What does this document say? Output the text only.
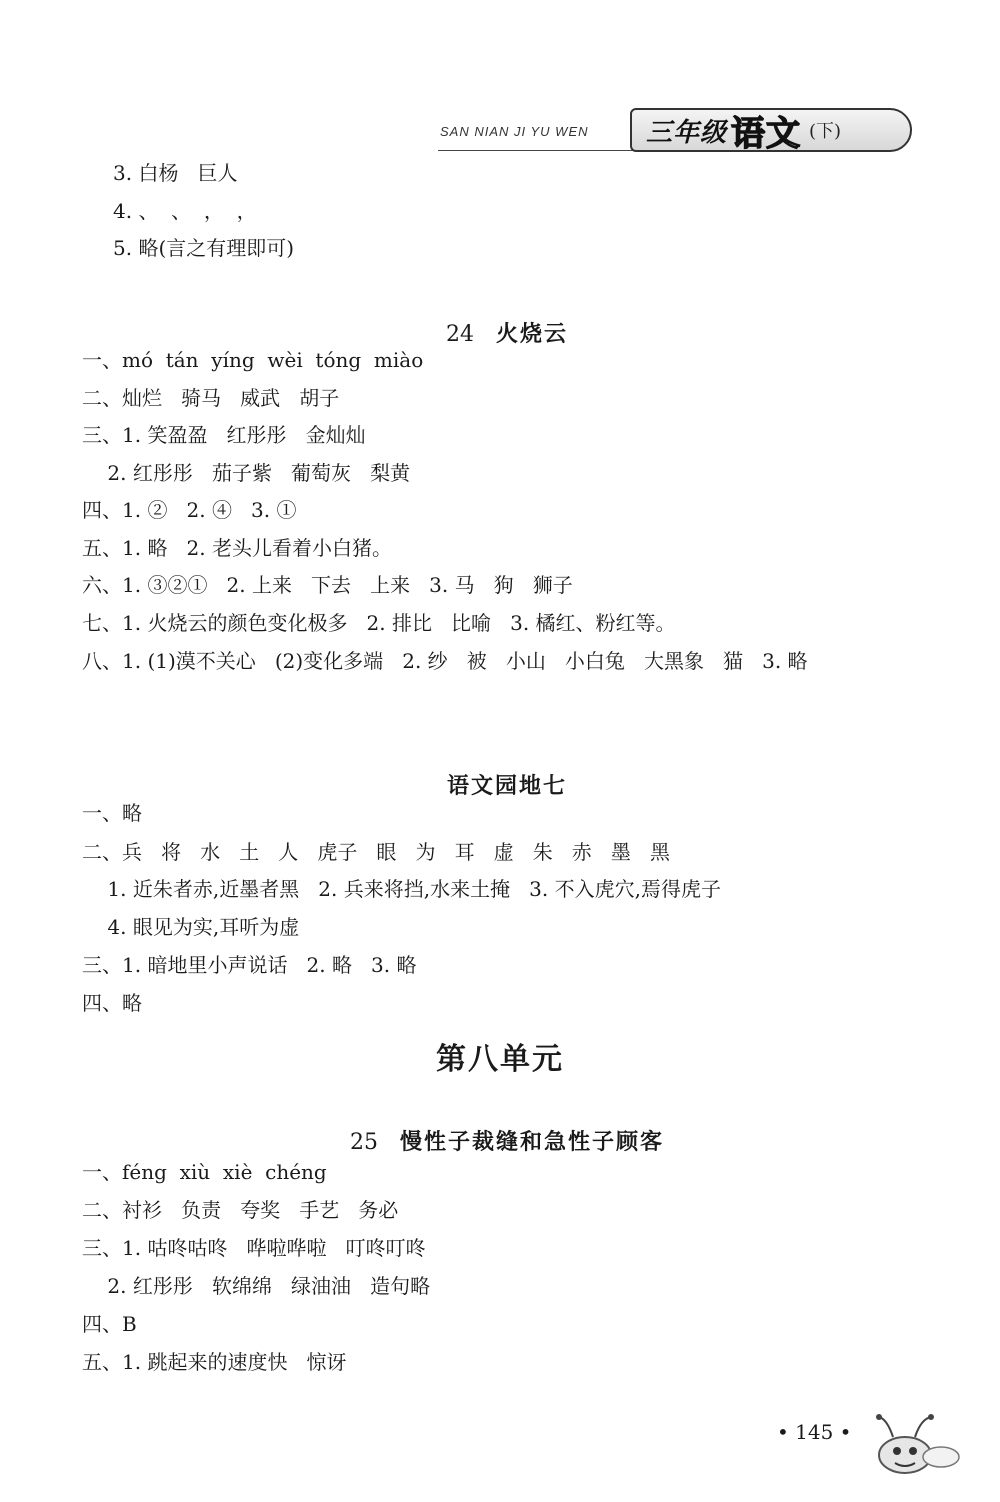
SAN NIAN JI YU WEN 三年级 语文 (下)
3. 白杨   巨人
4. 、  、  ，  ，
5. 略(言之有理即可)

24 火烧云

一、mó  tán  yíng  wèi  tóng  miào
二、灿烂   骑马   威武   胡子
三、1. 笑盈盈   红彤彤   金灿灿
2. 红彤彤   茄子紫   葡萄灰   梨黄
四、1. ②   2. ④   3. ①
五、1. 略   2. 老头儿看着小白猪。
六、1. ③②①   2. 上来   下去   上来   3. 马   狗   狮子
七、1. 火烧云的颜色变化极多   2. 排比   比喻   3. 橘红、粉红等。
八、1. (1)漠不关心   (2)变化多端   2. 纱   被   小山   小白兔   大黑象   猫   3. 略

语文园地七

一、略
二、兵   将   水   土   人   虎子   眼   为   耳   虚   朱   赤   墨   黑
1. 近朱者赤,近墨者黑   2. 兵来将挡,水来土掩   3. 不入虎穴,焉得虎子
4. 眼见为实,耳听为虚
三、1. 暗地里小声说话   2. 略   3. 略
四、略
第八单元

25 慢性子裁缝和急性子顾客

一、féng  xiù  xiè  chéng
二、衬衫   负责   夸奖   手艺   务必
三、1. 咕咚咕咚   哗啦哗啦   叮咚叮咚
2. 红彤彤   软绵绵   绿油油   造句略
四、B
五、1. 跳起来的速度快   惊讶
• 145 •
